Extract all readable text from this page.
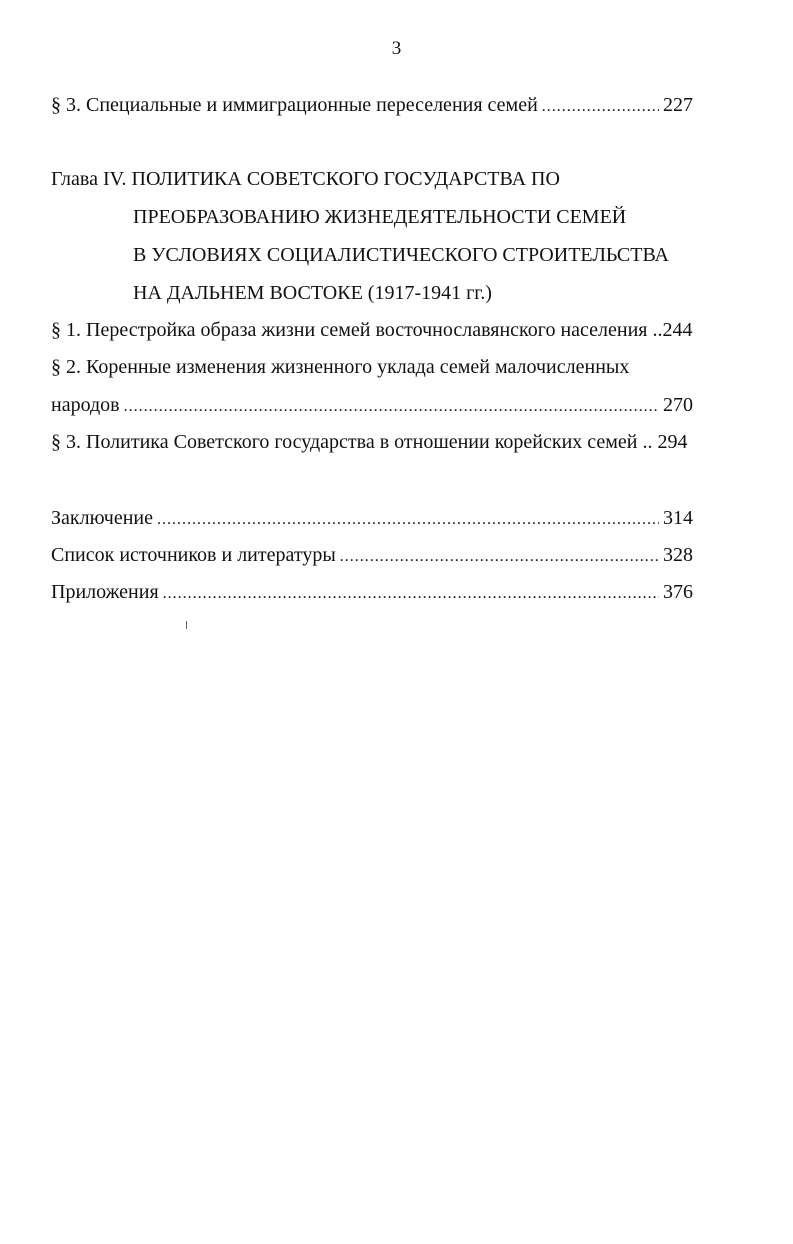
3
§ 3. Специальные и иммиграционные переселения семей .....	227
Глава IV. ПОЛИТИКА СОВЕТСКОГО ГОСУДАРСТВА ПО
ПРЕОБРАЗОВАНИЮ ЖИЗНЕДЕЯТЕЛЬНОСТИ СЕМЕЙ
В УСЛОВИЯХ СОЦИАЛИСТИЧЕСКОГО СТРОИТЕЛЬСТВА
НА ДАЛЬНЕМ ВОСТОКЕ (1917-1941 гг.)
§ 1. Перестройка образа жизни семей восточнославянского населения ..244
§ 2. Коренные изменения жизненного уклада семей малочисленных
народов .....	270
§ 3. Политика Советского государства в отношении корейских семей .. 294
Заключение .....	314
Список источников и литературы .....	328
Приложения .....	376
